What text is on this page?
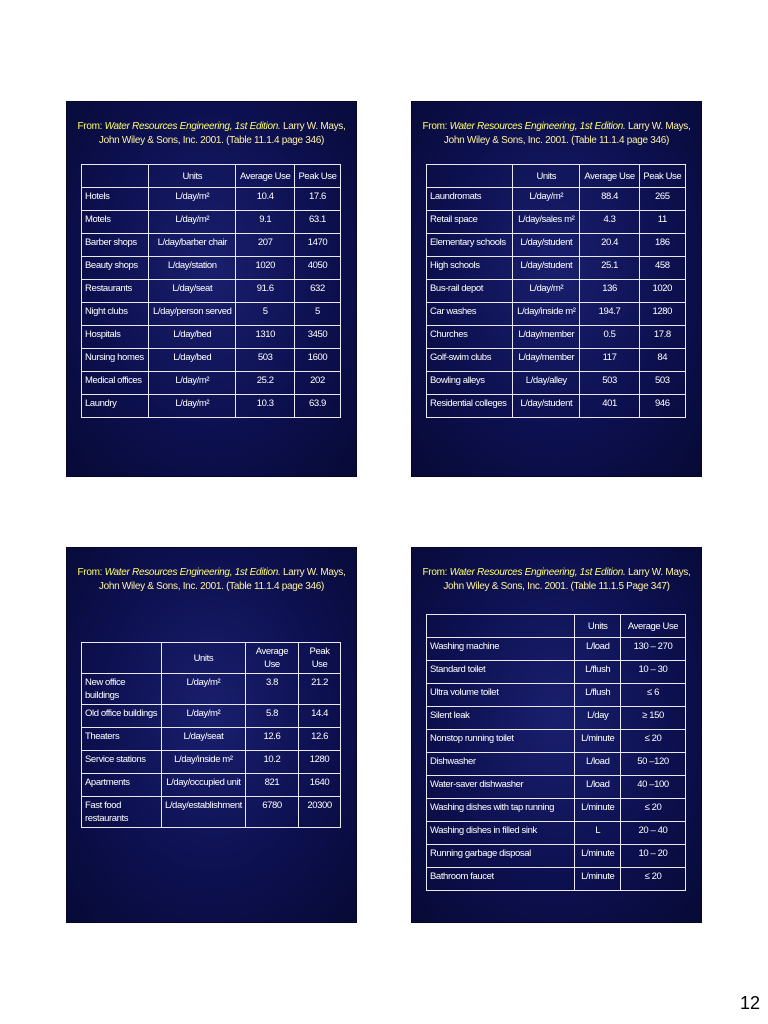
From: Water Resources Engineering, 1st Edition. Larry W. Mays, John Wiley & Sons, Inc. 2001. (Table 11.1.4 page 346)
	Units	Average Use	Peak Use
Hotels	L/day/m²	10.4	17.6
Motels	L/day/m²	9.1	63.1
Barber shops	L/day/barber chair	207	1470
Beauty shops	L/day/station	1020	4050
Restaurants	L/day/seat	91.6	632
Night clubs	L/day/person served	5	5
Hospitals	L/day/bed	1310	3450
Nursing homes	L/day/bed	503	1600
Medical offices	L/day/m²	25.2	202
Laundry	L/day/m²	10.3	63.9
From: Water Resources Engineering, 1st Edition. Larry W. Mays, John Wiley & Sons, Inc. 2001. (Table 11.1.4 page 346)
	Units	Average Use	Peak Use
Laundromats	L/day/m²	88.4	265
Retail space	L/day/sales m²	4.3	11
Elementary schools	L/day/student	20.4	186
High schools	L/day/student	25.1	458
Bus-rail depot	L/day/m²	136	1020
Car washes	L/day/inside m²	194.7	1280
Churches	L/day/member	0.5	17.8
Golf-swim clubs	L/day/member	117	84
Bowling alleys	L/day/alley	503	503
Residential colleges	L/day/student	401	946
From: Water Resources Engineering, 1st Edition. Larry W. Mays, John Wiley & Sons, Inc. 2001. (Table 11.1.4 page 346)
	Units	Average Use	Peak Use
New office buildings	L/day/m²	3.8	21.2
Old office buildings	L/day/m²	5.8	14.4
Theaters	L/day/seat	12.6	12.6
Service stations	L/day/inside m²	10.2	1280
Apartments	L/day/occupied unit	821	1640
Fast food restaurants	L/day/establishment	6780	20300
From: Water Resources Engineering, 1st Edition. Larry W. Mays, John Wiley & Sons, Inc. 2001. (Table 11.1.5 Page 347)
	Units	Average Use
Washing machine	L/load	130 – 270
Standard toilet	L/flush	10 – 30
Ultra volume toilet	L/flush	≤ 6
Silent leak	L/day	≥ 150
Nonstop running toilet	L/minute	≤ 20
Dishwasher	L/load	50 –120
Water-saver dishwasher	L/load	40 –100
Washing dishes with tap running	L/minute	≤ 20
Washing dishes in filled sink	L	20 – 40
Running garbage disposal	L/minute	10 – 20
Bathroom faucet	L/minute	≤ 20
12
